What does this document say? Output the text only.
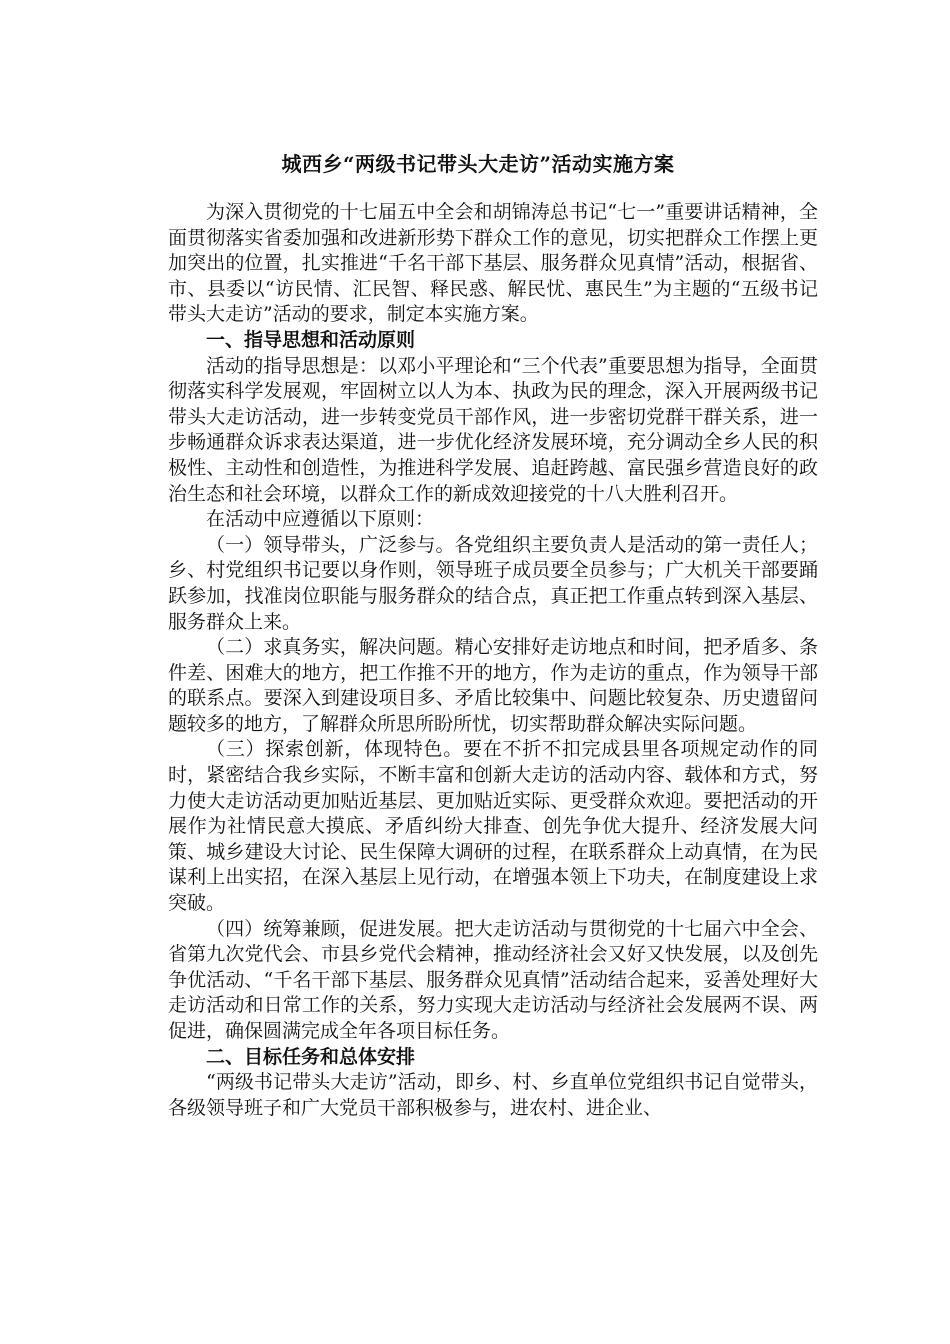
城西乡“两级书记带头大走访”活动实施方案

为深入贯彻党的十七届五中全会和胡锦涛总书记“七一”重要讲话精神，全面贯彻落实省委加强和改进新形势下群众工作的意见，切实把群众工作摆上更加突出的位置，扎实推进“千名干部下基层、服务群众见真情”活动，根据省、市、县委以“访民情、汇民智、释民惑、解民忧、惠民生”为主题的“五级书记带头大走访”活动的要求，制定本实施方案。

一、指导思想和活动原则

活动的指导思想是：以邓小平理论和“三个代表”重要思想为指导，全面贯彻落实科学发展观，牢固树立以人为本、执政为民的理念，深入开展两级书记带头大走访活动，进一步转变党员干部作风，进一步密切党群干群关系，进一步畅通群众诉求表达渠道，进一步优化经济发展环境，充分调动全乡人民的积极性、主动性和创造性，为推进科学发展、追赶跨越、富民强乡营造良好的政治生态和社会环境，以群众工作的新成效迎接党的十八大胜利召开。

在活动中应遵循以下原则：

（一）领导带头，广泛参与。各党组织主要负责人是活动的第一责任人；乡、村党组织书记要以身作则，领导班子成员要全员参与；广大机关干部要踊跃参加，找准岗位职能与服务群众的结合点，真正把工作重点转到深入基层、服务群众上来。

（二）求真务实，解决问题。精心安排好走访地点和时间，把矛盾多、条件差、困难大的地方，把工作推不开的地方，作为走访的重点，作为领导干部的联系点。要深入到建设项目多、矛盾比较集中、问题比较复杂、历史遗留问题较多的地方，了解群众所思所盼所忧，切实帮助群众解决实际问题。

（三）探索创新，体现特色。要在不折不扣完成县里各项规定动作的同时，紧密结合我乡实际，不断丰富和创新大走访的活动内容、载体和方式，努力使大走访活动更加贴近基层、更加贴近实际、更受群众欢迎。要把活动的开展作为社情民意大摸底、矛盾纠纷大排查、创先争优大提升、经济发展大问策、城乡建设大讨论、民生保障大调研的过程，在联系群众上动真情，在为民谋利上出实招，在深入基层上见行动，在增强本领上下功夫，在制度建设上求突破。

（四）统筹兼顾，促进发展。把大走访活动与贯彻党的十七届六中全会、省第九次党代会、市县乡党代会精神，推动经济社会又好又快发展，以及创先争优活动、“千名干部下基层、服务群众见真情”活动结合起来，妥善处理好大走访活动和日常工作的关系，努力实现大走访活动与经济社会发展两不误、两促进，确保圆满完成全年各项目标任务。

二、目标任务和总体安排

“两级书记带头大走访”活动，即乡、村、乡直单位党组织书记自觉带头，各级领导班子和广大党员干部积极参与，进农村、进企业、
